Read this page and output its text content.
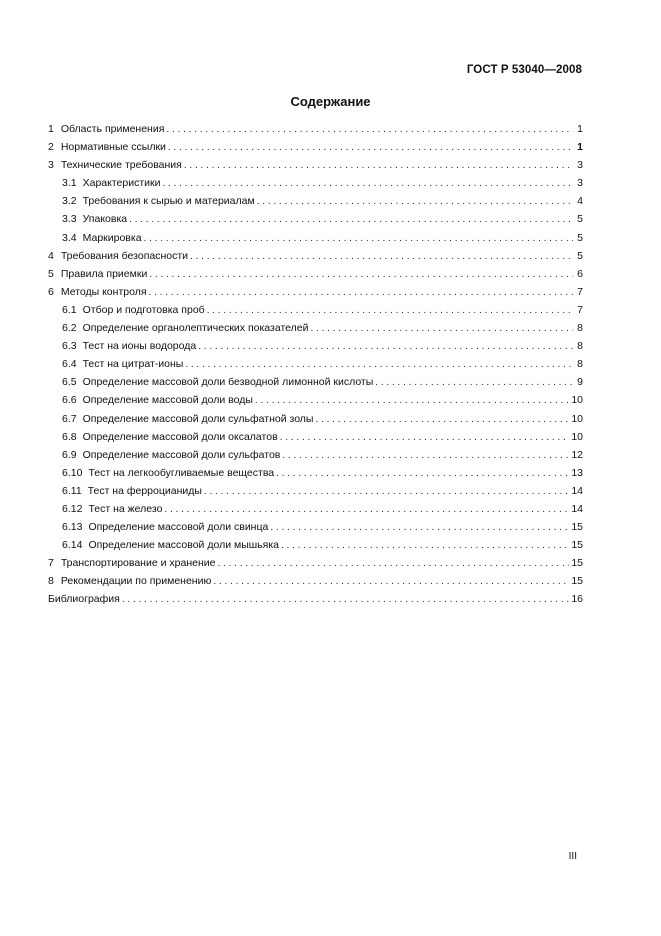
ГОСТ Р 53040—2008
Содержание
1 Область применения . . .	1
2 Нормативные ссылки . . .	1
3 Технические требования . . .	3
3.1 Характеристики . . .	3
3.2 Требования к сырью и материалам . . .	4
3.3 Упаковка . . .	5
3.4 Маркировка . . .	5
4 Требования безопасности . . .	5
5 Правила приемки . . .	6
6 Методы контроля . . .	7
6.1 Отбор и подготовка проб . . .	7
6.2 Определение органолептических показателей . . .	8
6.3 Тест на ионы водорода . . .	8
6.4 Тест на цитрат-ионы . . .	8
6.5 Определение массовой доли безводной лимонной кислоты . . .	9
6.6 Определение массовой доли воды . . .	10
6.7 Определение массовой доли сульфатной золы . . .	10
6.8 Определение массовой доли оксалатов . . .	10
6.9 Определение массовой доли сульфатов . . .	12
6.10 Тест на легкообугливаемые вещества . . .	13
6.11 Тест на ферроцианиды . . .	14
6.12 Тест на железо . . .	14
6.13 Определение массовой доли свинца . . .	15
6.14 Определение массовой доли мышьяка . . .	15
7 Транспортирование и хранение . . .	15
8 Рекомендации по применению . . .	15
Библиография . . .	16
III
